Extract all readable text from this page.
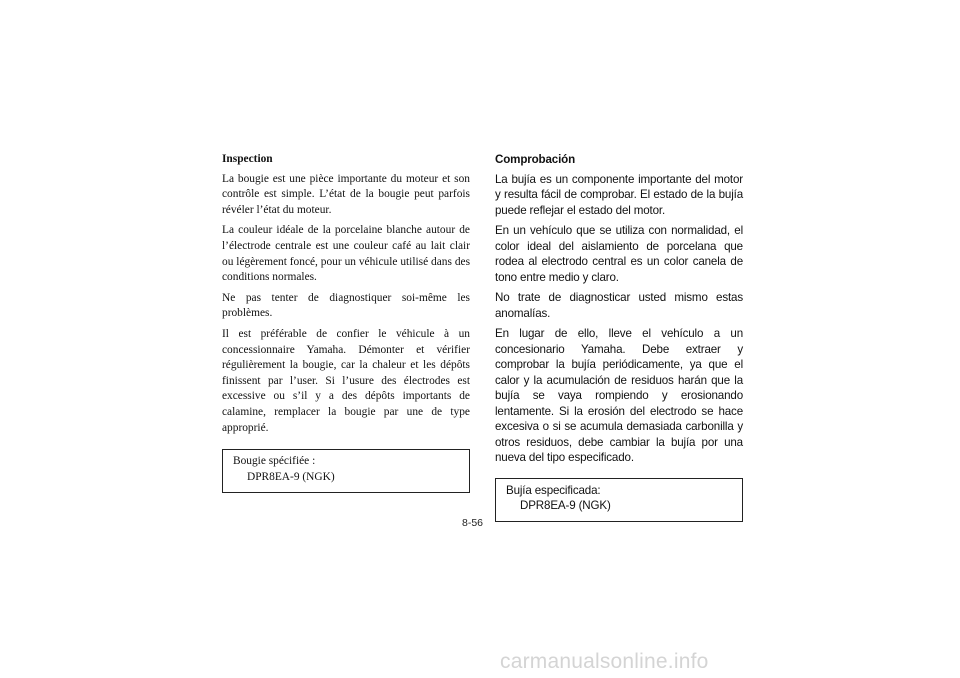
Inspection

La bougie est une pièce importante du moteur et son contrôle est simple. L’état de la bougie peut parfois révéler l’état du moteur.

La couleur idéale de la porcelaine blanche autour de l’électrode centrale est une couleur café au lait clair ou légèrement foncé, pour un véhicule utilisé dans des conditions normales.

Ne pas tenter de diagnostiquer soi-même les problèmes.

Il est préférable de confier le véhicule à un concessionnaire Yamaha. Démonter et vérifier régulièrement la bougie, car la chaleur et les dépôts finissent par l’user. Si l’usure des électrodes est excessive ou s’il y a des dépôts importants de calamine, remplacer la bougie par une de type approprié.

Bougie spécifiée :
DPR8EA-9 (NGK)
Comprobación

La bujía es un componente importante del motor y resulta fácil de comprobar. El estado de la bujía puede reflejar el estado del motor.

En un vehículo que se utiliza con normalidad, el color ideal del aislamiento de porcelana que rodea al electrodo central es un color canela de tono entre medio y claro.

No trate de diagnosticar usted mismo estas anomalías.

En lugar de ello, lleve el vehículo a un concesionario Yamaha. Debe extraer y comprobar la bujía periódicamente, ya que el calor y la acumulación de residuos harán que la bujía se vaya rompiendo y erosionando lentamente. Si la erosión del electrodo se hace excesiva o si se acumula demasiada carbonilla y otros residuos, debe cambiar la bujía por una nueva del tipo especificado.

Bujía especificada:
DPR8EA-9 (NGK)
8-56
carmanualsonline.info
